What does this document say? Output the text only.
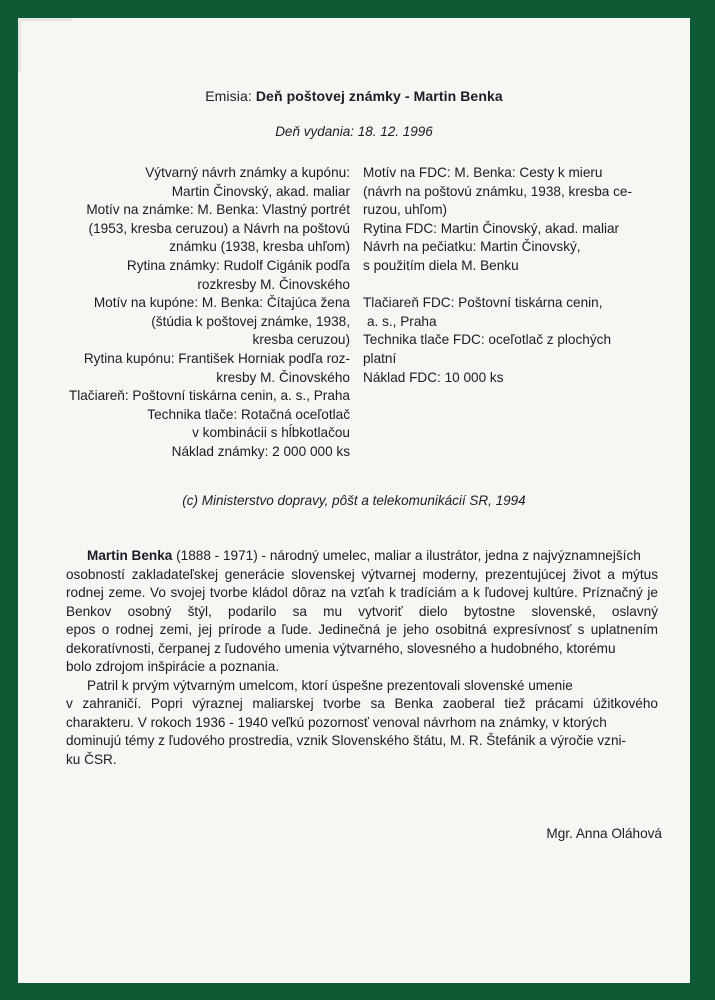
Emisia: Deň poštovej známky - Martin Benka
Deň vydania: 18. 12. 1996
Výtvarný návrh známky a kupónu:
Martin Činovský, akad. maliar
Motív na známke: M. Benka: Vlastný portrét
(1953, kresba ceruzou) a Návrh na poštovú
známku (1938, kresba uhľom)
Rytina známky: Rudolf Cigánik podľa
rozkresby M. Činovského
Motív na kupóne: M. Benka: Čítajúca žena
(štúdia k poštovej známke, 1938,
kresba ceruzou)
Rytina kupónu: František Horniak podľa roz-
kresby M. Činovského
Tlačiareň: Poštovní tiskárna cenin, a. s., Praha
Technika tlače: Rotačná oceľotlač
v kombinácii s hĺbkotlačou
Náklad známky: 2 000 000 ks
Motív na FDC: M. Benka: Cesty k mieru
(návrh na poštovú známku, 1938, kresba ce-
ruzou, uhľom)
Rytina FDC: Martin Činovský, akad. maliar
Návrh na pečiatku: Martin Činovský,
s použitím diela M. Benku
Tlačiareň FDC: Poštovní tiskárna cenin,
a. s., Praha
Technika tlače FDC: oceľotlač z plochých
platní
Náklad FDC: 10 000 ks
(c) Ministerstvo dopravy, pôšt a telekomunikácií SR, 1994
Martin Benka (1888 - 1971) - národný umelec, maliar a ilustrátor, jedna z najvýznamnejších
osobností zakladateľskej generácie slovenskej výtvarnej moderny, prezentujúcej život a mýtus
rodnej zeme. Vo svojej tvorbe kládol dôraz na vzťah k tradíciám a k ľudovej kultúre. Príznačný je
Benkov osobný štýl, podarilo sa mu vytvoriť dielo bytostne slovenské, oslavný
epos o rodnej zemi, jej prírode a ľude. Jedinečná je jeho osobitná expresívnosť s uplatnením
dekoratívnosti, čerpanej z ľudového umenia výtvarného, slovesného a hudobného, ktorému
bolo zdrojom inšpirácie a poznania.
Patril k prvým výtvarným umelcom, ktorí úspešne prezentovali slovenské umenie
v zahraničí. Popri výraznej maliarskej tvorbe sa Benka zaoberal tiež prácami úžitkového
charakteru. V rokoch 1936 - 1940 veľkú pozornosť venoval návrhom na známky, v ktorých
dominujú témy z ľudového prostredia, vznik Slovenského štátu, M. R. Štefánik a výročie vzni-
ku ČSR.
Mgr. Anna Oláhová
